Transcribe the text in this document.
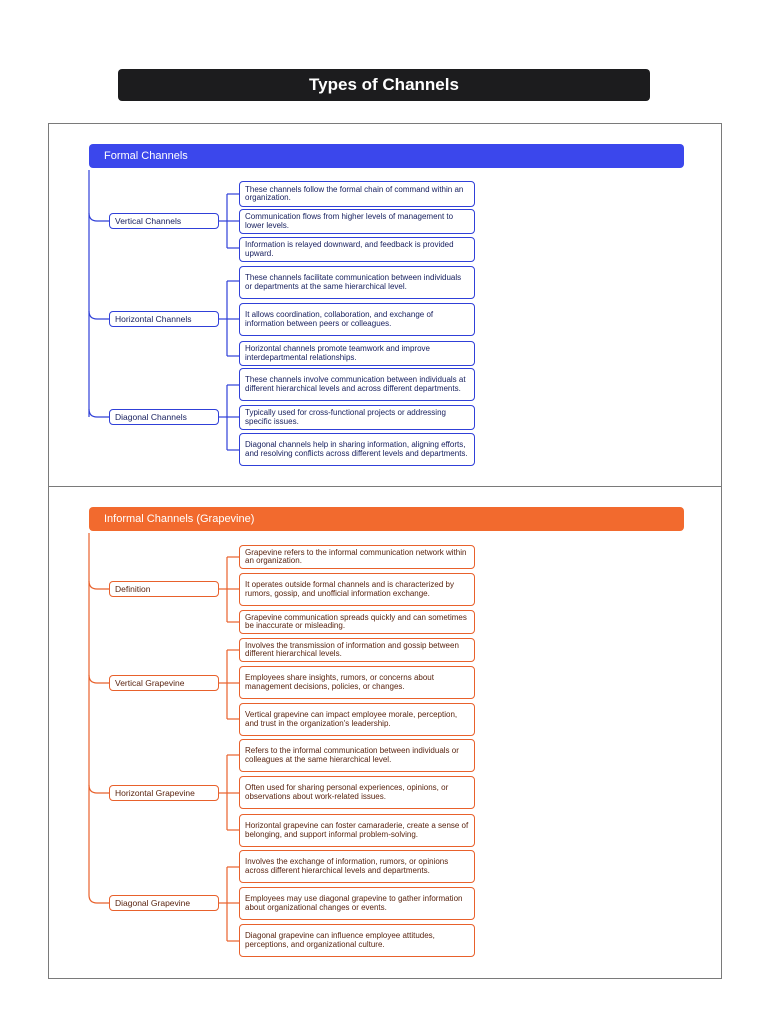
Types of Channels
Formal Channels
Vertical Channels
These channels follow the formal chain of command within an organization.
Communication flows from higher levels of management to lower levels.
Information is relayed downward, and feedback is provided upward.
Horizontal Channels
These channels facilitate communication between individuals or departments at the same hierarchical level.
It allows coordination, collaboration, and exchange of information between peers or colleagues.
Horizontal channels promote teamwork and improve interdepartmental relationships.
Diagonal Channels
These channels involve communication between individuals at different hierarchical levels and across different departments.
Typically used for cross-functional projects or addressing specific issues.
Diagonal channels help in sharing information, aligning efforts, and resolving conflicts across different levels and departments.
Informal Channels (Grapevine)
Definition
Grapevine refers to the informal communication network within an organization.
It operates outside formal channels and is characterized by rumors, gossip, and unofficial information exchange.
Grapevine communication spreads quickly and can sometimes be inaccurate or misleading.
Vertical Grapevine
Involves the transmission of information and gossip between different hierarchical levels.
Employees share insights, rumors, or concerns about management decisions, policies, or changes.
Vertical grapevine can impact employee morale, perception, and trust in the organization's leadership.
Horizontal Grapevine
Refers to the informal communication between individuals or colleagues at the same hierarchical level.
Often used for sharing personal experiences, opinions, or observations about work-related issues.
Horizontal grapevine can foster camaraderie, create a sense of belonging, and support informal problem-solving.
Diagonal Grapevine
Involves the exchange of information, rumors, or opinions across different hierarchical levels and departments.
Employees may use diagonal grapevine to gather information about organizational changes or events.
Diagonal grapevine can influence employee attitudes, perceptions, and organizational culture.
